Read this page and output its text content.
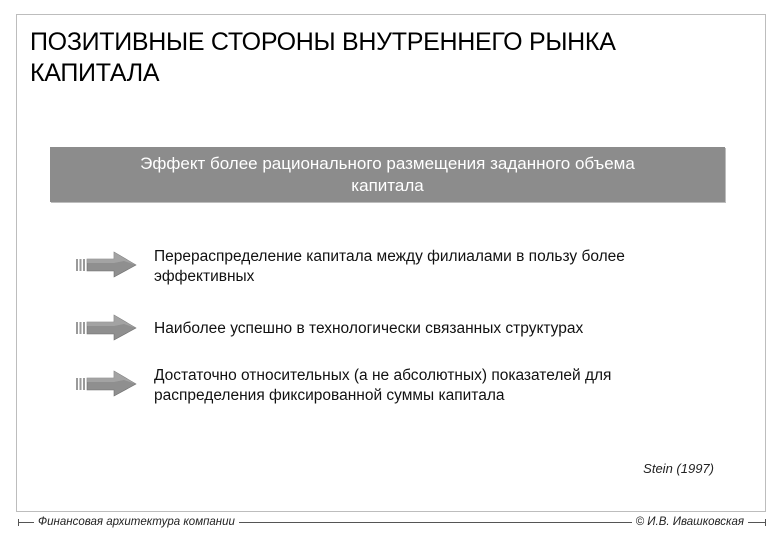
ПОЗИТИВНЫЕ СТОРОНЫ ВНУТРЕННЕГО РЫНКА КАПИТАЛА
Эффект более рационального размещения заданного объема капитала
Перераспределение капитала между филиалами в пользу более эффективных
Наиболее успешно в технологически связанных структурах
Достаточно относительных (а не абсолютных) показателей для распределения фиксированной суммы капитала
Stein (1997)
Финансовая архитектура компании	© И.В. Ивашковская
